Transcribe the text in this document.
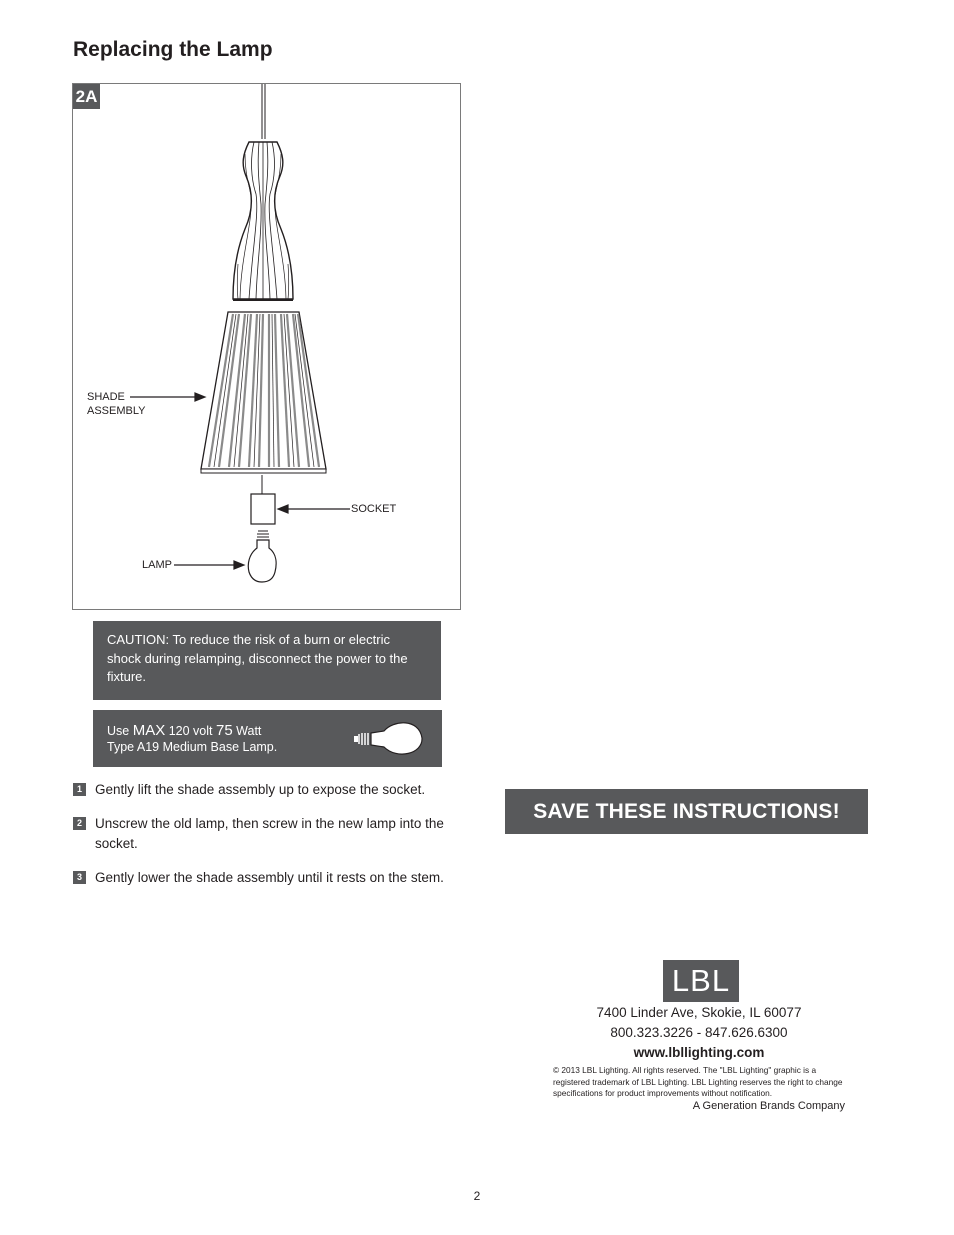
Replacing the Lamp
2A
SHADE
ASSEMBLY
SOCKET
LAMP
CAUTION: To reduce the risk of a burn or electric shock during relamping, disconnect the power to the fixture.
Use MAX 120 volt 75 Watt
Type A19 Medium Base Lamp.
1 Gently lift the shade assembly up to expose the socket.
2 Unscrew the old lamp, then screw in the new lamp into the socket.
3 Gently lower the shade assembly until it rests on the stem.
SAVE THESE INSTRUCTIONS!
LBL
7400 Linder Ave, Skokie, IL 60077
800.323.3226 - 847.626.6300
www.lbllighting.com
© 2013 LBL Lighting. All rights reserved. The "LBL Lighting" graphic is a registered trademark of LBL Lighting. LBL Lighting reserves the right to change specifications for product improvements without notification.
A Generation Brands Company
2
